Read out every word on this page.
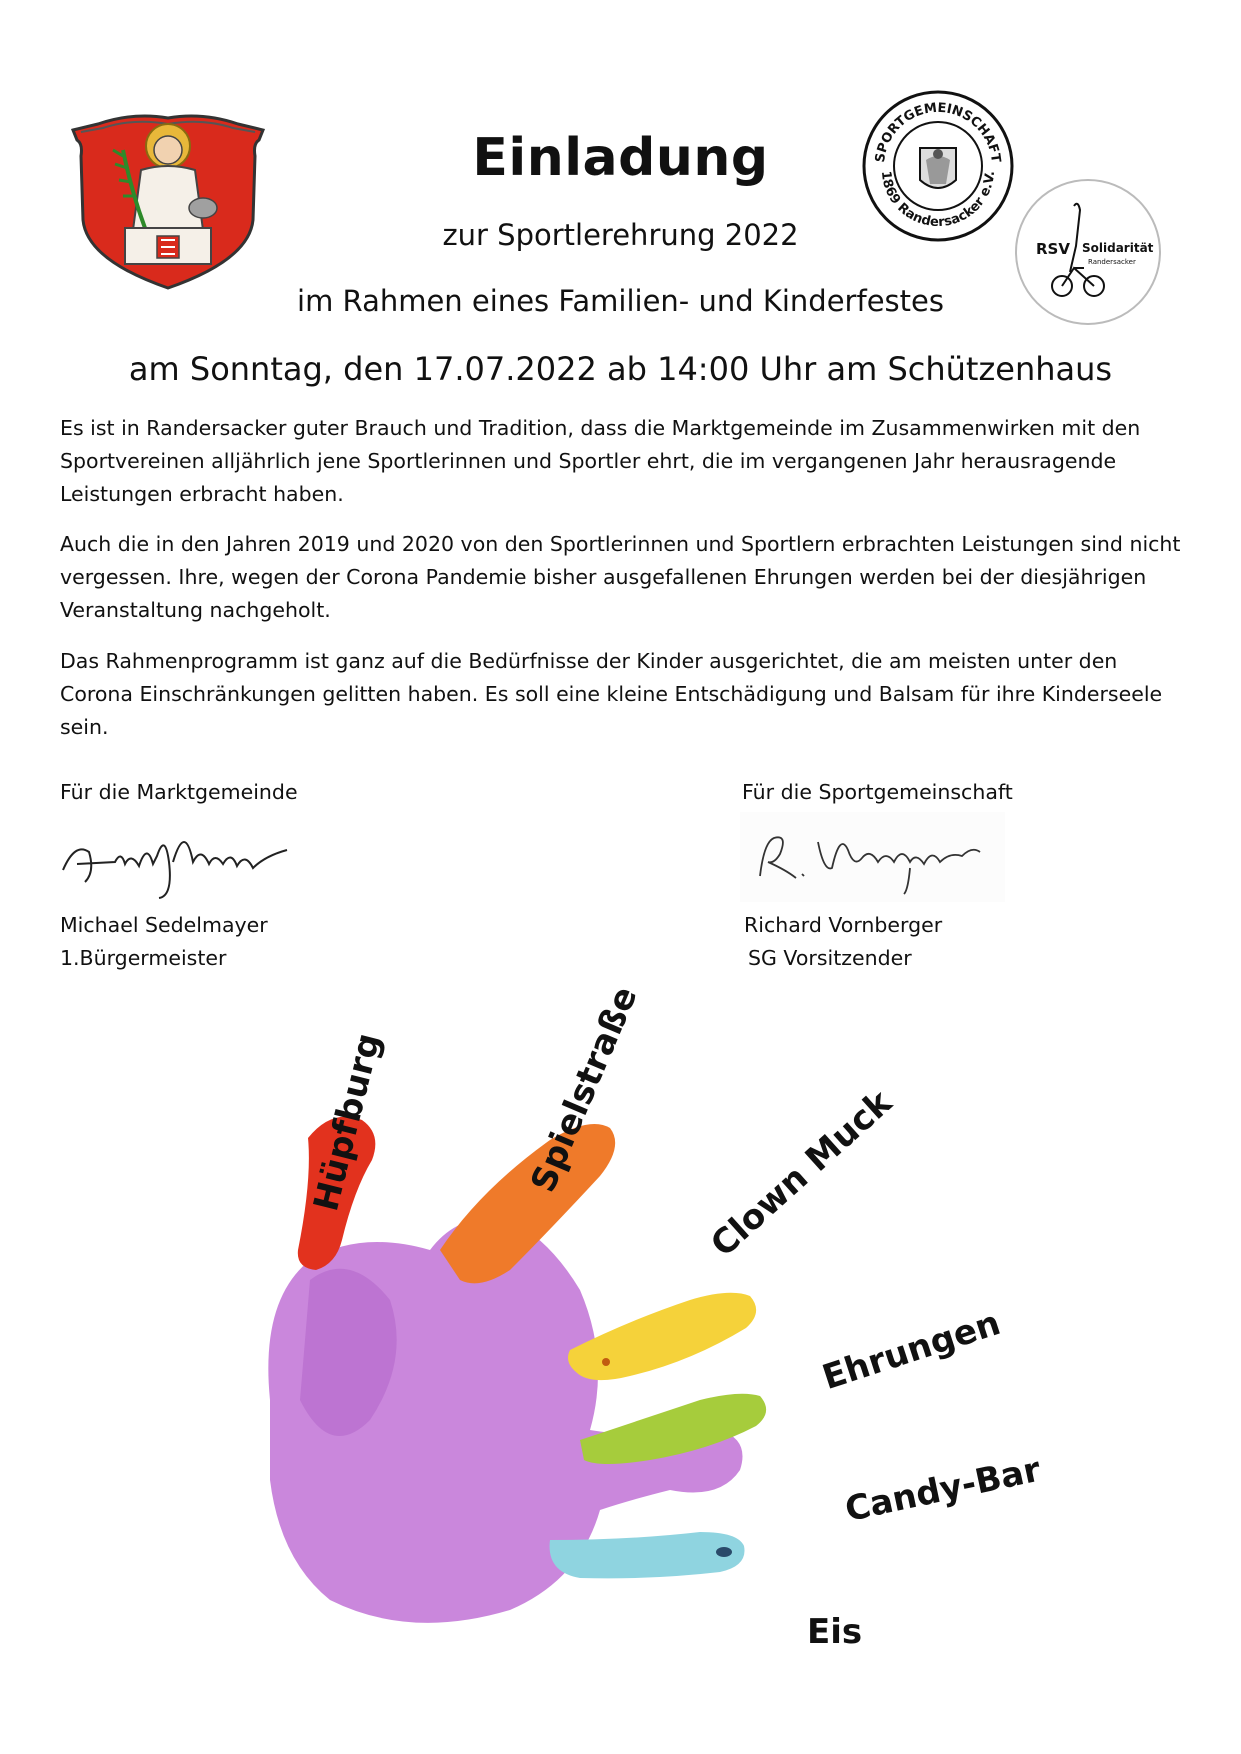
SPORTGEMEINSCHAFT
1869 Randersacker e.V.
RSV Solidarität
Randersacker
Einladung
zur Sportlerehrung 2022
im Rahmen eines Familien- und Kinderfestes
am Sonntag, den 17.07.2022 ab 14:00 Uhr am Schützenhaus

Es ist in Randersacker guter Brauch und Tradition, dass die Marktgemeinde im Zusammenwirken mit den Sportvereinen alljährlich jene Sportlerinnen und Sportler ehrt, die im vergangenen Jahr herausragende Leistungen erbracht haben.

Auch die in den Jahren 2019 und 2020 von den Sportlerinnen und Sportlern erbrachten Leistungen sind nicht vergessen. Ihre, wegen der Corona Pandemie bisher ausgefallenen Ehrungen werden bei der diesjährigen Veranstaltung nachgeholt.

Das Rahmenprogramm ist ganz auf die Bedürfnisse der Kinder ausgerichtet, die am meisten unter den Corona Einschränkungen gelitten haben. Es soll eine kleine Entschädigung und Balsam für ihre Kinderseele sein.

Für die Marktgemeinde
Michael Sedelmayer
1.Bürgermeister
Für die Sportgemeinschaft
Richard Vornberger
SG Vorsitzender
Hüpfburg	Spielstraße Clown Muck
Ehrungen
Candy-Bar
Eis
